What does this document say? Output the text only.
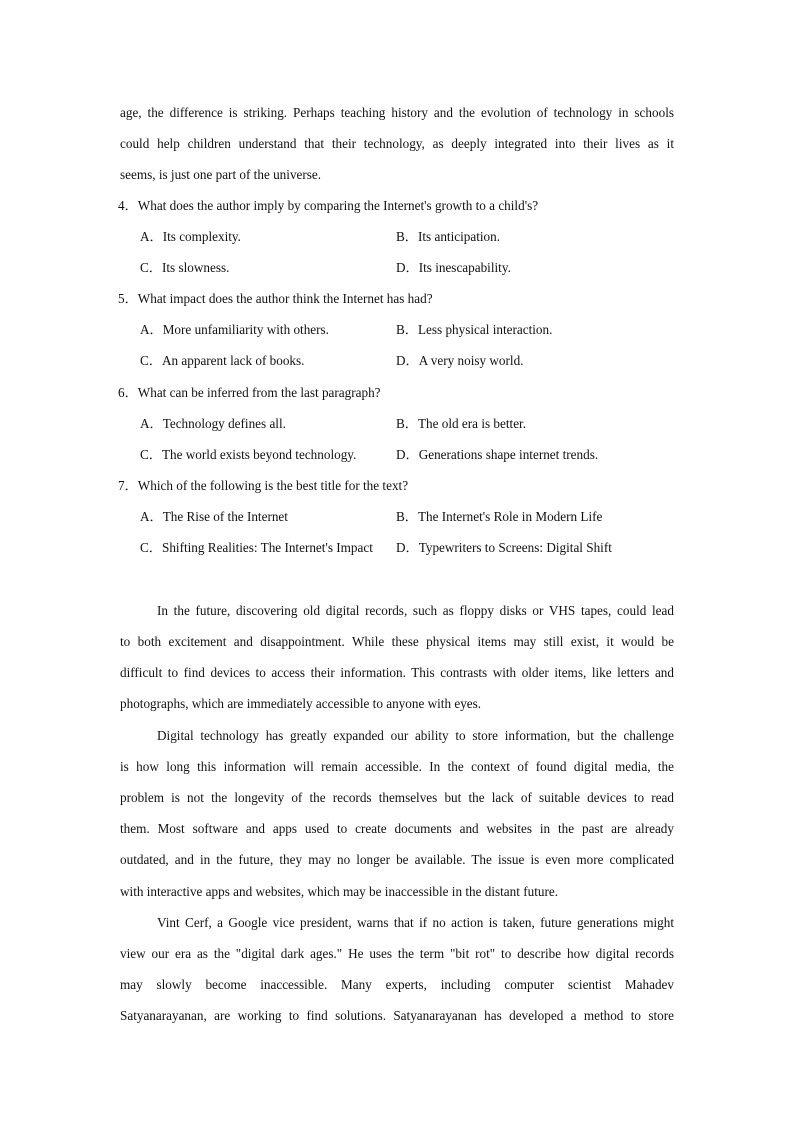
age, the difference is striking. Perhaps teaching history and the evolution of technology in schools
could help children understand that their technology, as deeply integrated into their lives as it
seems, is just one part of the universe.
4．What does the author imply by comparing the Internet's growth to a child's?
A．Its complexity.	B．Its anticipation.
C．Its slowness.	D．Its inescapability.
5．What impact does the author think the Internet has had?
A．More unfamiliarity with others.	B．Less physical interaction.
C．An apparent lack of books.	D．A very noisy world.
6．What can be inferred from the last paragraph?
A．Technology defines all.	B．The old era is better.
C．The world exists beyond technology.	D．Generations shape internet trends.
7．Which of the following is the best title for the text?
A．The Rise of the Internet	B．The Internet's Role in Modern Life
C．Shifting Realities: The Internet's Impact D．Typewriters to Screens: Digital Shift
In the future, discovering old digital records, such as floppy disks or VHS tapes, could lead
to both excitement and disappointment. While these physical items may still exist, it would be
difficult to find devices to access their information. This contrasts with older items, like letters and
photographs, which are immediately accessible to anyone with eyes.
Digital technology has greatly expanded our ability to store information, but the challenge
is how long this information will remain accessible. In the context of found digital media, the
problem is not the longevity of the records themselves but the lack of suitable devices to read
them. Most software and apps used to create documents and websites in the past are already
outdated, and in the future, they may no longer be available. The issue is even more complicated
with interactive apps and websites, which may be inaccessible in the distant future.
Vint Cerf, a Google vice president, warns that if no action is taken, future generations might
view our era as the "digital dark ages." He uses the term "bit rot" to describe how digital records
may slowly become inaccessible. Many experts, including computer scientist Mahadev
Satyanarayanan, are working to find solutions. Satyanarayanan has developed a method to store
